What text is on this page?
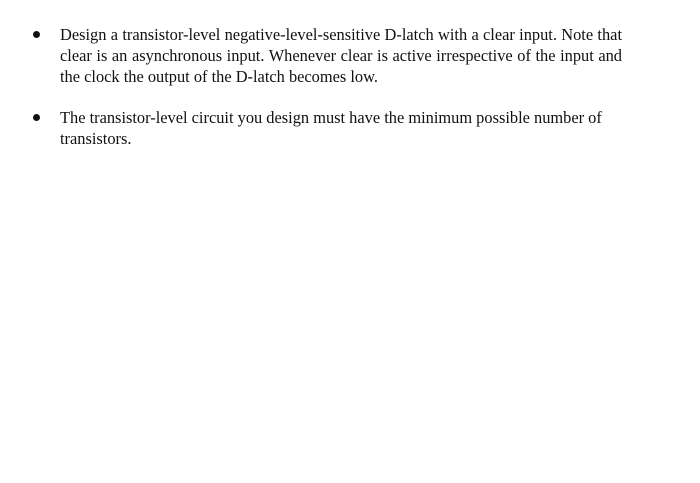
Design a transistor-level negative-level-sensitive D-latch with a clear input. Note that clear is an asynchronous input. Whenever clear is active irrespective of the input and the clock the output of the D-latch becomes low.
The transistor-level circuit you design must have the minimum possible number of transistors.
